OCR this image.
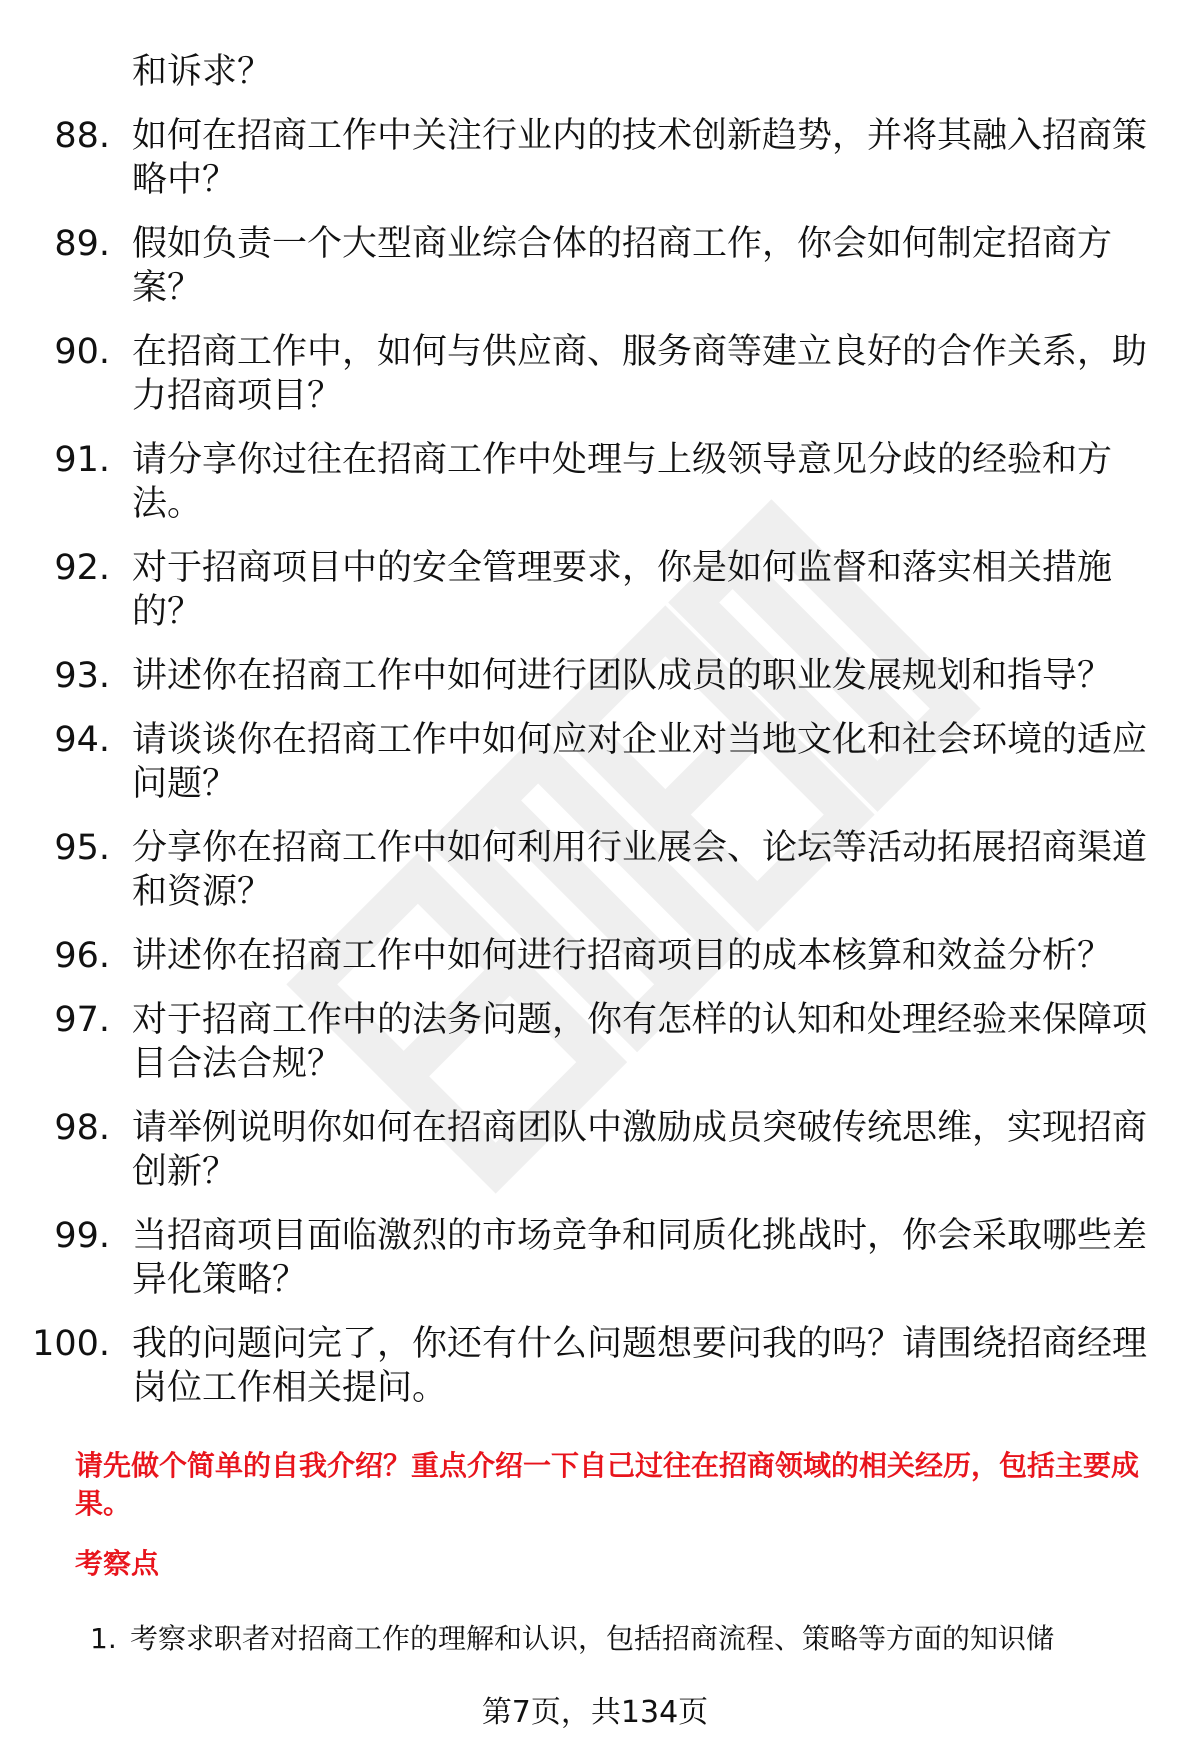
和诉求？
88. 如何在招商工作中关注行业内的技术创新趋势，并将其融入招商策略中？
89. 假如负责一个大型商业综合体的招商工作，你会如何制定招商方案？
90. 在招商工作中，如何与供应商、服务商等建立良好的合作关系，助力招商项目？
91. 请分享你过往在招商工作中处理与上级领导意见分歧的经验和方法。
92. 对于招商项目中的安全管理要求，你是如何监督和落实相关措施的？
93. 讲述你在招商工作中如何进行团队成员的职业发展规划和指导？
94. 请谈谈你在招商工作中如何应对企业对当地文化和社会环境的适应问题？
95. 分享你在招商工作中如何利用行业展会、论坛等活动拓展招商渠道和资源？
96. 讲述你在招商工作中如何进行招商项目的成本核算和效益分析？
97. 对于招商工作中的法务问题，你有怎样的认知和处理经验来保障项目合法合规？
98. 请举例说明你如何在招商团队中激励成员突破传统思维，实现招商创新？
99. 当招商项目面临激烈的市场竞争和同质化挑战时，你会采取哪些差异化策略？
100. 我的问题问完了，你还有什么问题想要问我的吗？请围绕招商经理岗位工作相关提问。
请先做个简单的自我介绍？重点介绍一下自己过往在招商领域的相关经历，包括主要成果。
考察点
1. 考察求职者对招商工作的理解和认识，包括招商流程、策略等方面的知识储
第7页，共134页
